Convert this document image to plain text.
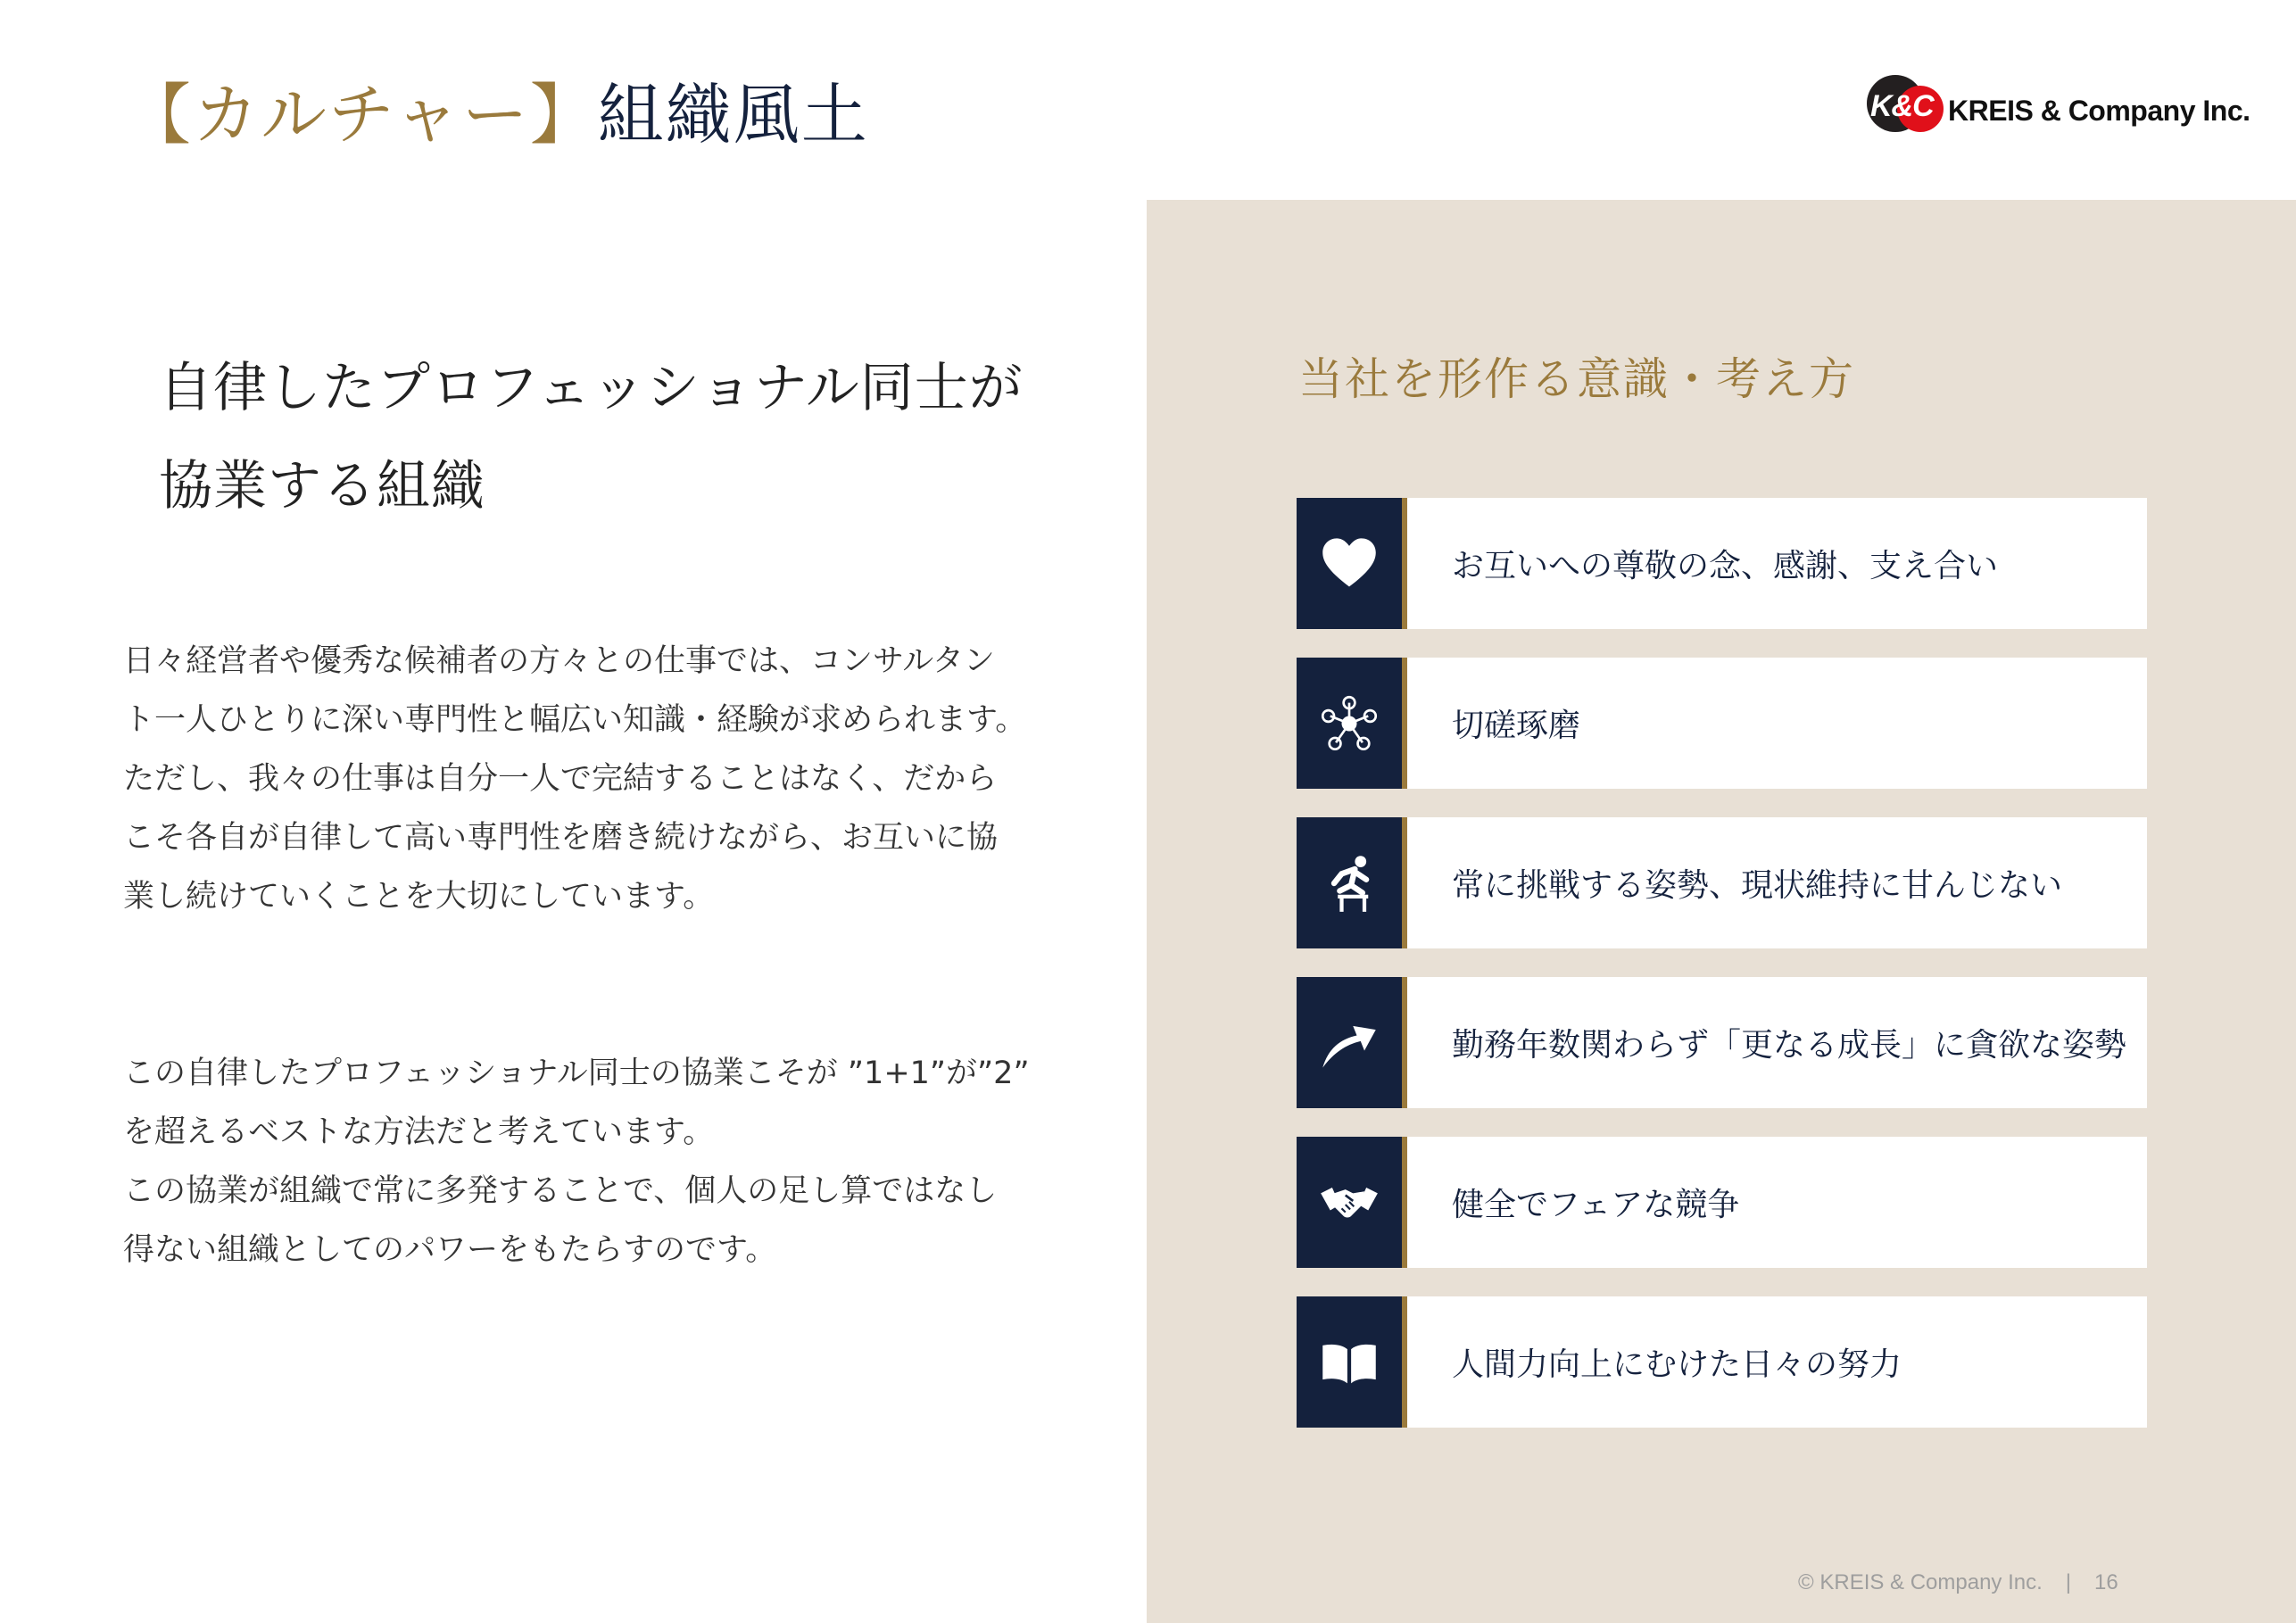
【カルチャー】組織風土	K&C KREIS & Company Inc.
自律したプロフェッショナル同士が
協業する組織
日々経営者や優秀な候補者の方々との仕事では、コンサルタン
ト一人ひとりに深い専門性と幅広い知識・経験が求められます。
ただし、我々の仕事は自分一人で完結することはなく、だから
こそ各自が自律して高い専門性を磨き続けながら、お互いに協
業し続けていくことを大切にしています。
この自律したプロフェッショナル同士の協業こそが ”1+1”が”2”
を超えるベストな方法だと考えています。
この協業が組織で常に多発することで、個人の足し算ではなし
得ない組織としてのパワーをもたらすのです。
当社を形作る意識・考え方
お互いへの尊敬の念、感謝、支え合い
切磋琢磨
常に挑戦する姿勢、現状維持に甘んじない
勤務年数関わらず「更なる成長」に貪欲な姿勢
健全でフェアな競争
人間力向上にむけた日々の努力
© KREIS & Company Inc. | 16
